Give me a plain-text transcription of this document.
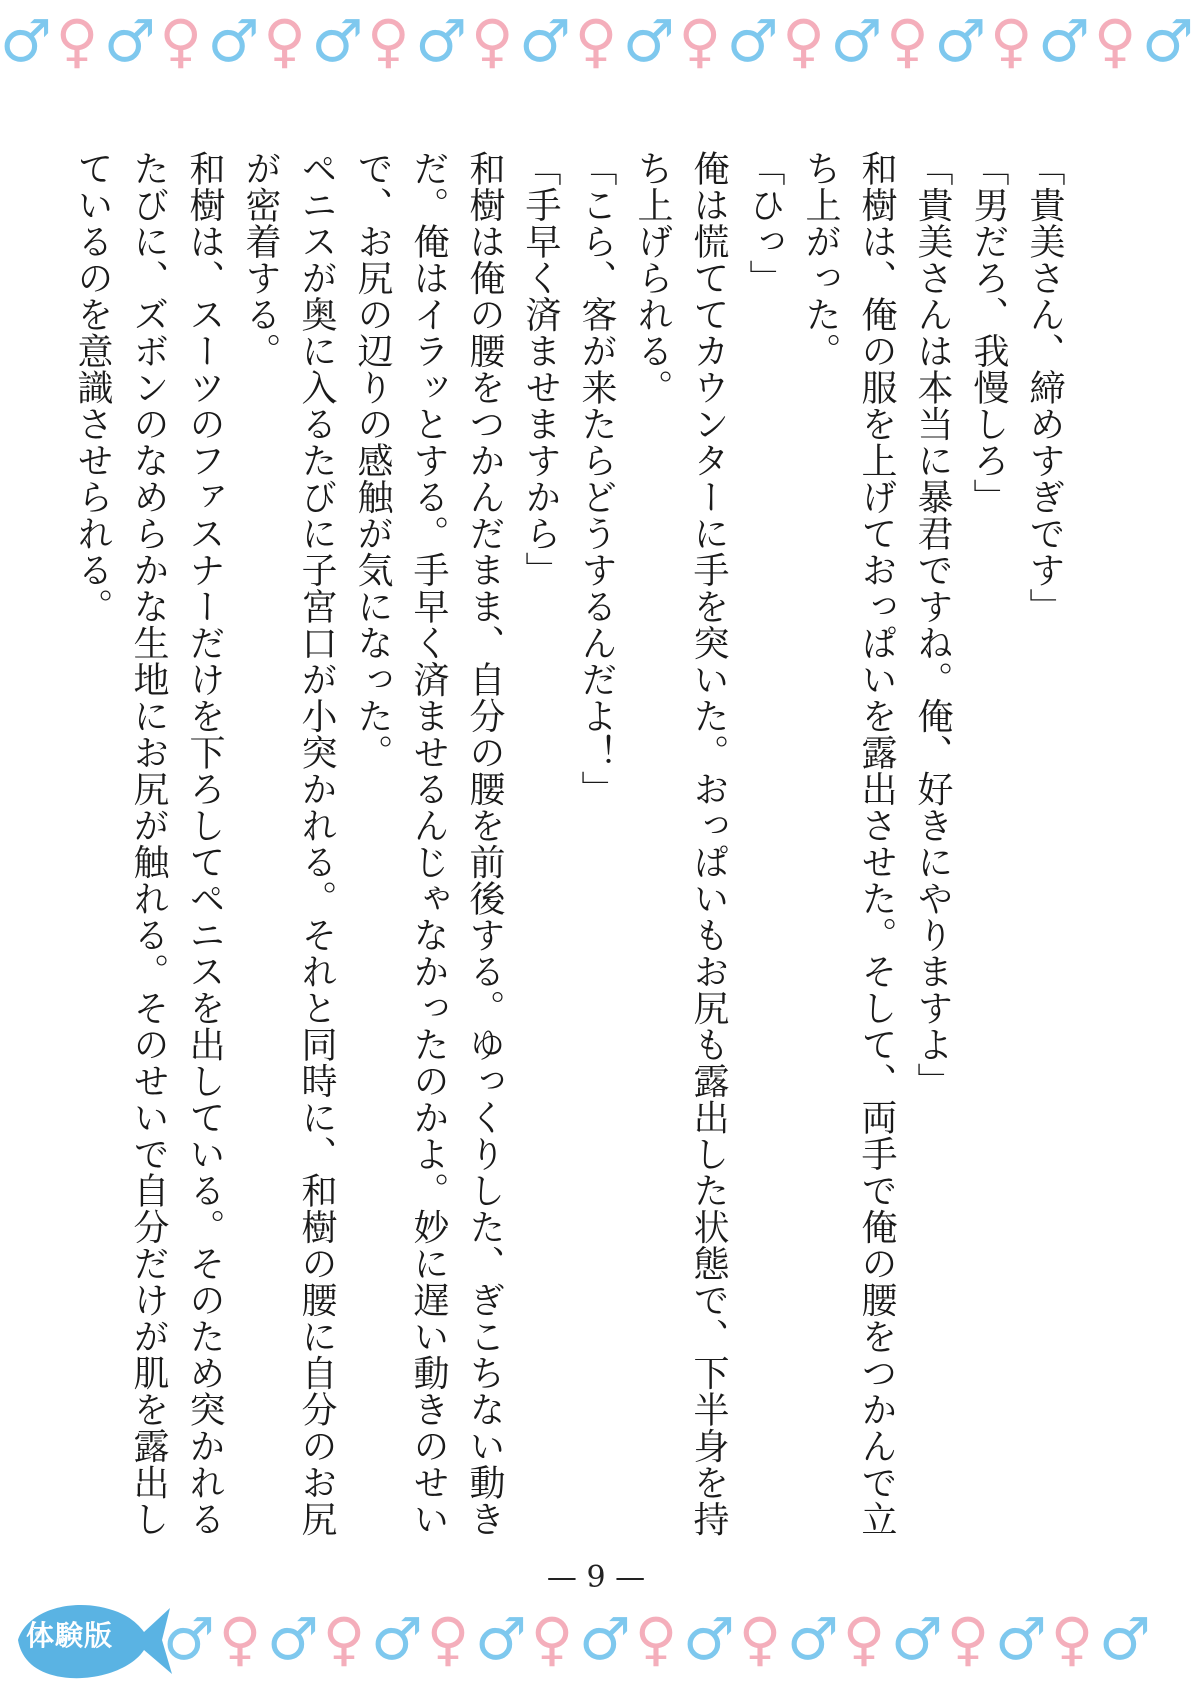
♂ ♀ ♂ ♀ ♂ ♀ ♂ ♀ ♂ ♀ ♂ ♀ ♂ ♀ ♂ ♀ ♂ ♀ ♂ ♀ ♂ ♀ ♂

「貴美さん、締めすぎです」

「男だろ、我慢しろ」

「貴美さんは本当に暴君ですね。俺、好きにやりますよ」

和樹は、俺の服を上げておっぱいを露出させた。そして、両手で俺の腰をつかんで立ち上がった。

「ひっ」

俺は慌ててカウンターに手を突いた。おっぱいもお尻も露出した状態で、下半身を持ち上げられる。

「こら、客が来たらどうするんだよ！」

「手早く済ませますから」

和樹は俺の腰をつかんだまま、自分の腰を前後する。ゆっくりした、ぎこちない動きだ。俺はイラッとする。手早く済ませるんじゃなかったのかよ。妙に遅い動きのせいで、お尻の辺りの感触が気になった。

ペニスが奥に入るたびに子宮口が小突かれる。それと同時に、和樹の腰に自分のお尻が密着する。

和樹は、スーツのファスナーだけを下ろしてペニスを出している。そのため突かれるたびに、ズボンのなめらかな生地にお尻が触れる。そのせいで自分だけが肌を露出しているのを意識させられる。

— 9 —
♂ ♀ ♂ ♀ ♂ ♀ ♂ ♀ ♂ ♀ ♂ ♀ ♂ ♀ ♂ ♀ ♂ ♀ ♂
体験版
